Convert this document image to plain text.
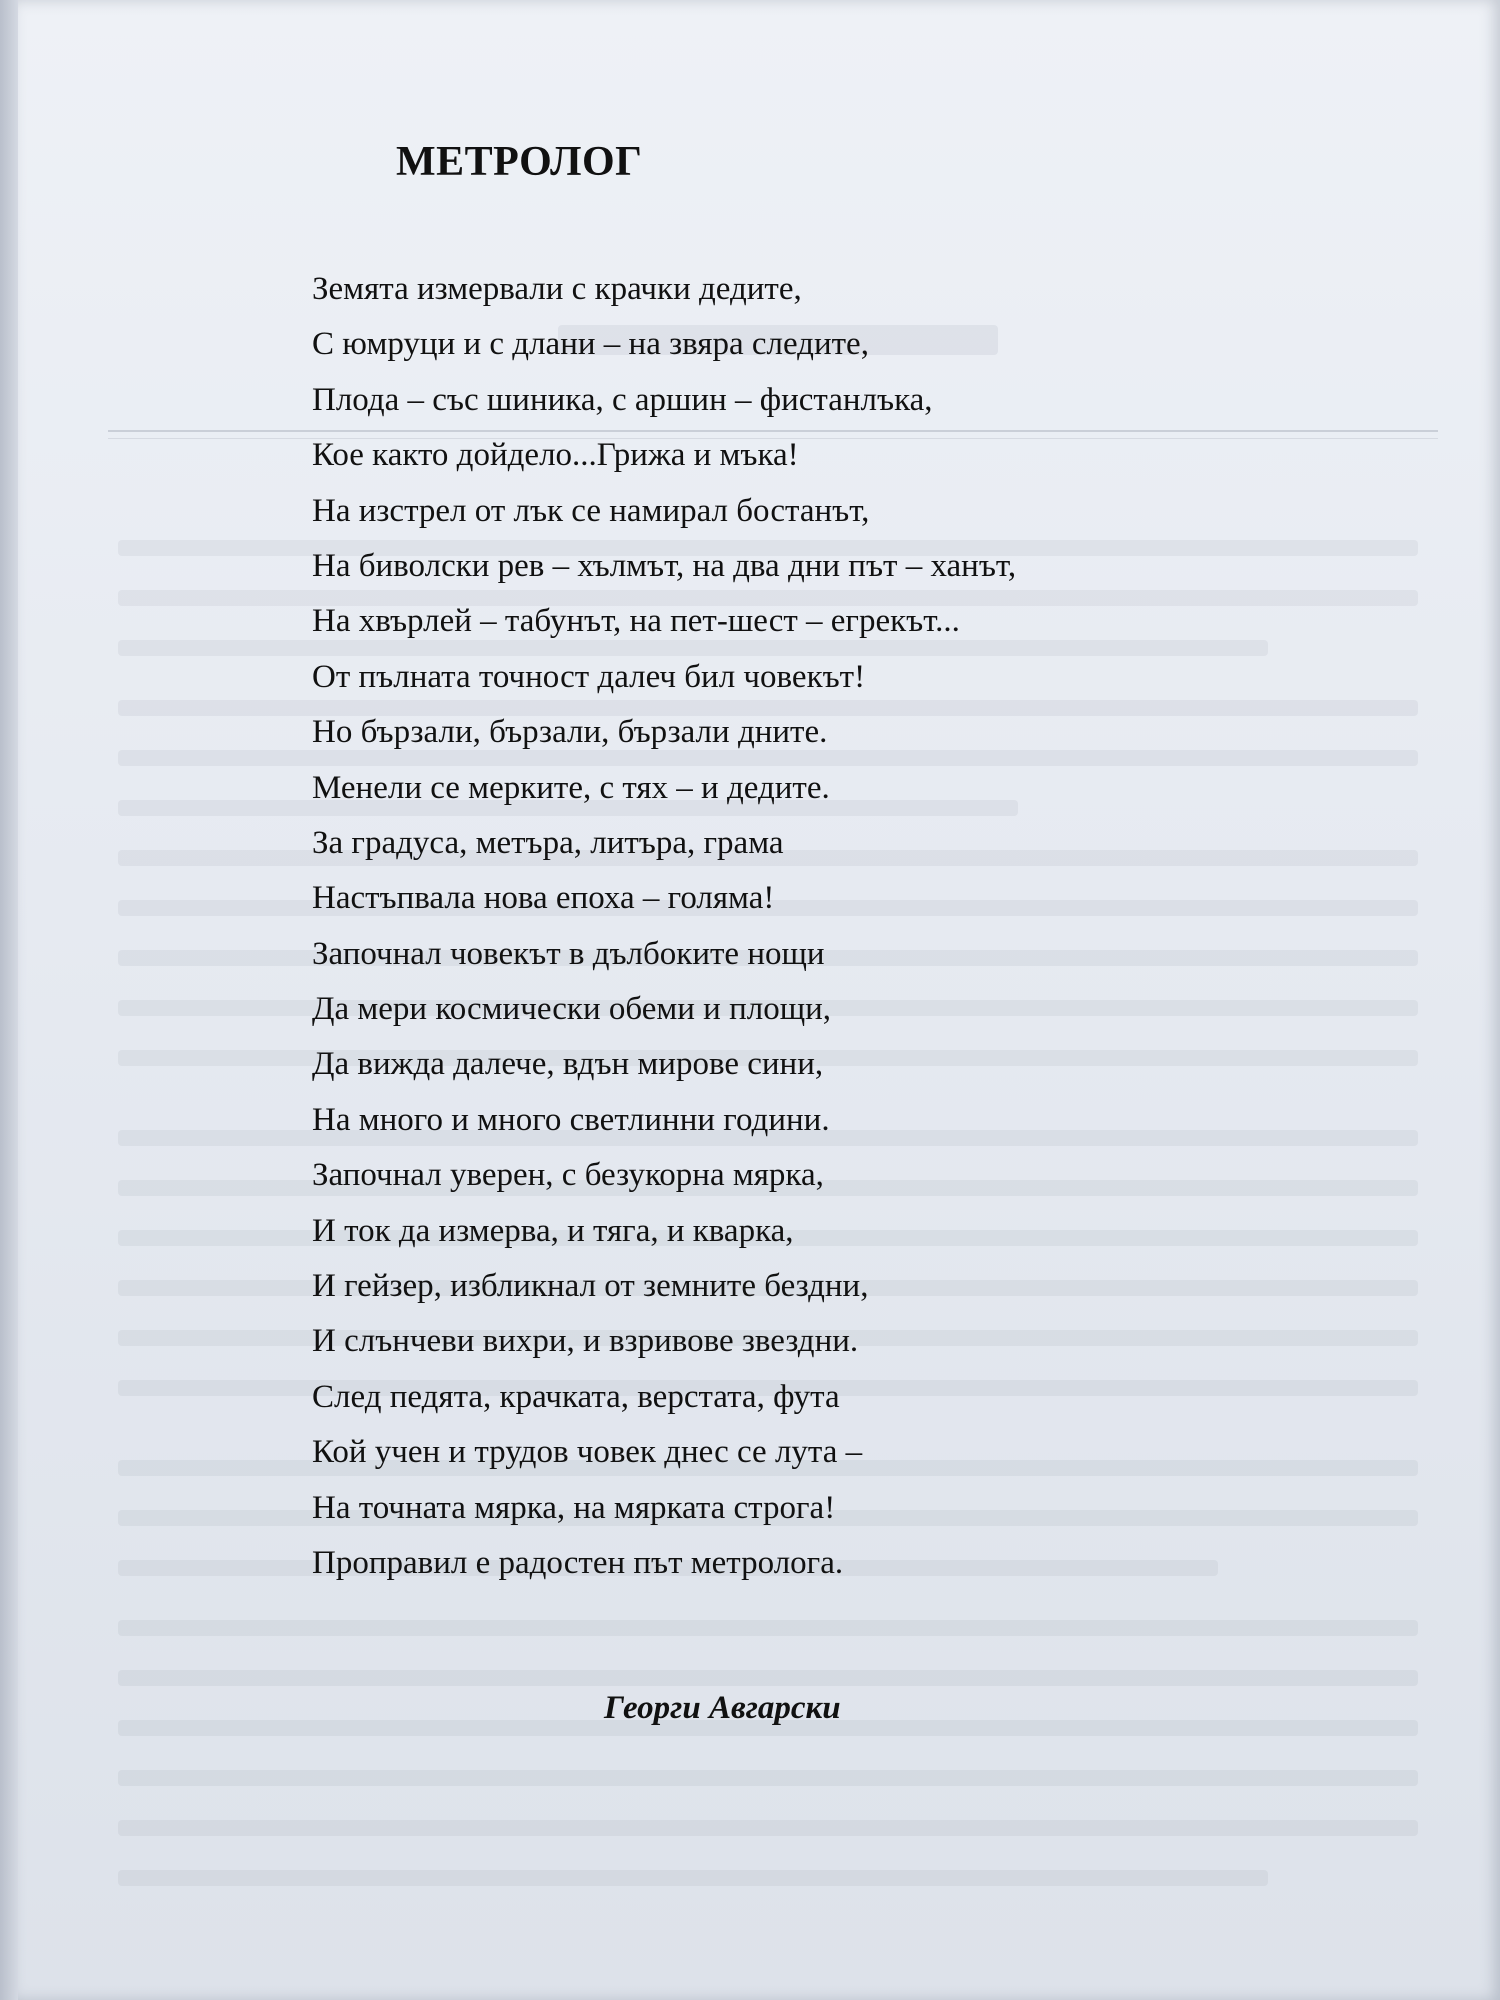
МЕТРОЛОГ
Земята измервали с крачки дедите,
С юмруци и с длани – на звяра следите,
Плода – със шиника, с аршин – фистанлъка,
Кое както дойдело...Грижа и мъка!
На изстрел от лък се намирал бостанът,
На биволски рев – хълмът, на два дни път – ханът,
На хвърлей – табунът, на пет-шест – егрекът...
От пълната точност далеч бил човекът!
Но бързали, бързали, бързали дните.
Менели се мерките, с тях – и дедите.
За градуса, метъра, литъра, грама
Настъпвала нова епоха – голяма!
Започнал човекът в дълбоките нощи
Да мери космически обеми и площи,
Да вижда далече, вдън мирове сини,
На много и много светлинни години.
Започнал уверен, с безукорна мярка,
И ток да измерва, и тяга, и кварка,
И гейзер, избликнал от земните бездни,
И слънчеви вихри, и взривове звездни.
След педята, крачката, верстата, фута
Кой учен и трудов човек днес се лута –
На точната мярка, на мярката строга!
Проправил е радостен път метролога.

Георги Авгарски
